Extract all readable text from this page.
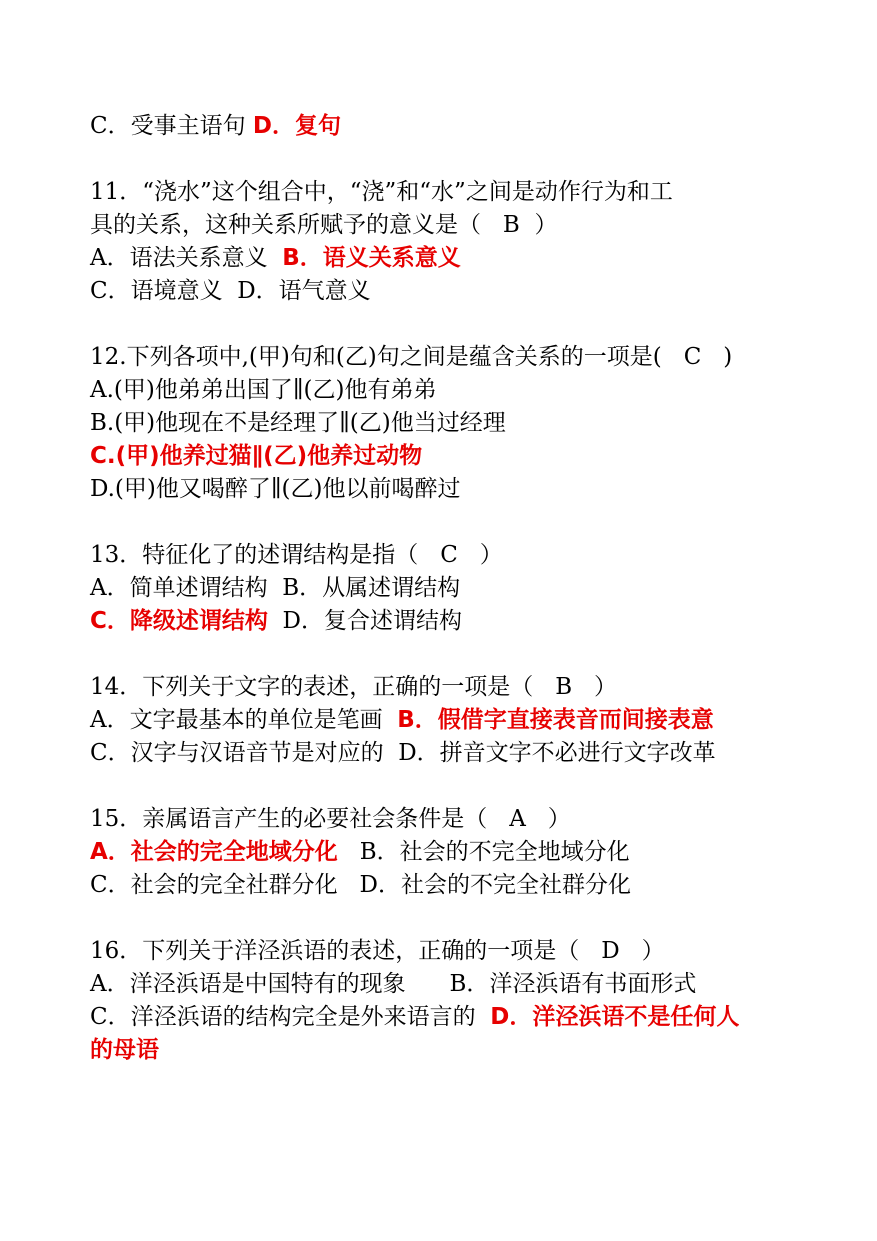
C．受事主语句 D．复句
11．“浇水”这个组合中，“浇”和“水”之间是动作行为和工
具的关系，这种关系所赋予的意义是（   B  ）
A．语法关系意义 B．语义关系意义
C．语境意义 D．语气意义
12.下列各项中,(甲)句和(乙)句之间是蕴含关系的一项是(   C   )
A.(甲)他弟弟出国了∥(乙)他有弟弟
B.(甲)他现在不是经理了∥(乙)他当过经理
C.(甲)他养过猫∥(乙)他养过动物
D.(甲)他又喝醉了∥(乙)他以前喝醉过
13．特征化了的述谓结构是指（   C   ）
A．简单述谓结构 B．从属述谓结构
C．降级述谓结构 D．复合述谓结构
14．下列关于文字的表述，正确的一项是（   B   ）
A．文字最基本的单位是笔画 B．假借字直接表音而间接表意
C．汉字与汉语音节是对应的 D．拼音文字不必进行文字改革
15．亲属语言产生的必要社会条件是（   A   ）
A．社会的完全地域分化 B．社会的不完全地域分化
C．社会的完全社群分化 D．社会的不完全社群分化
16．下列关于洋泾浜语的表述，正确的一项是（   D   ）
A．洋泾浜语是中国特有的现象 B．洋泾浜语有书面形式
C．洋泾浜语的结构完全是外来语言的 D．洋泾浜语不是任何人
的母语
